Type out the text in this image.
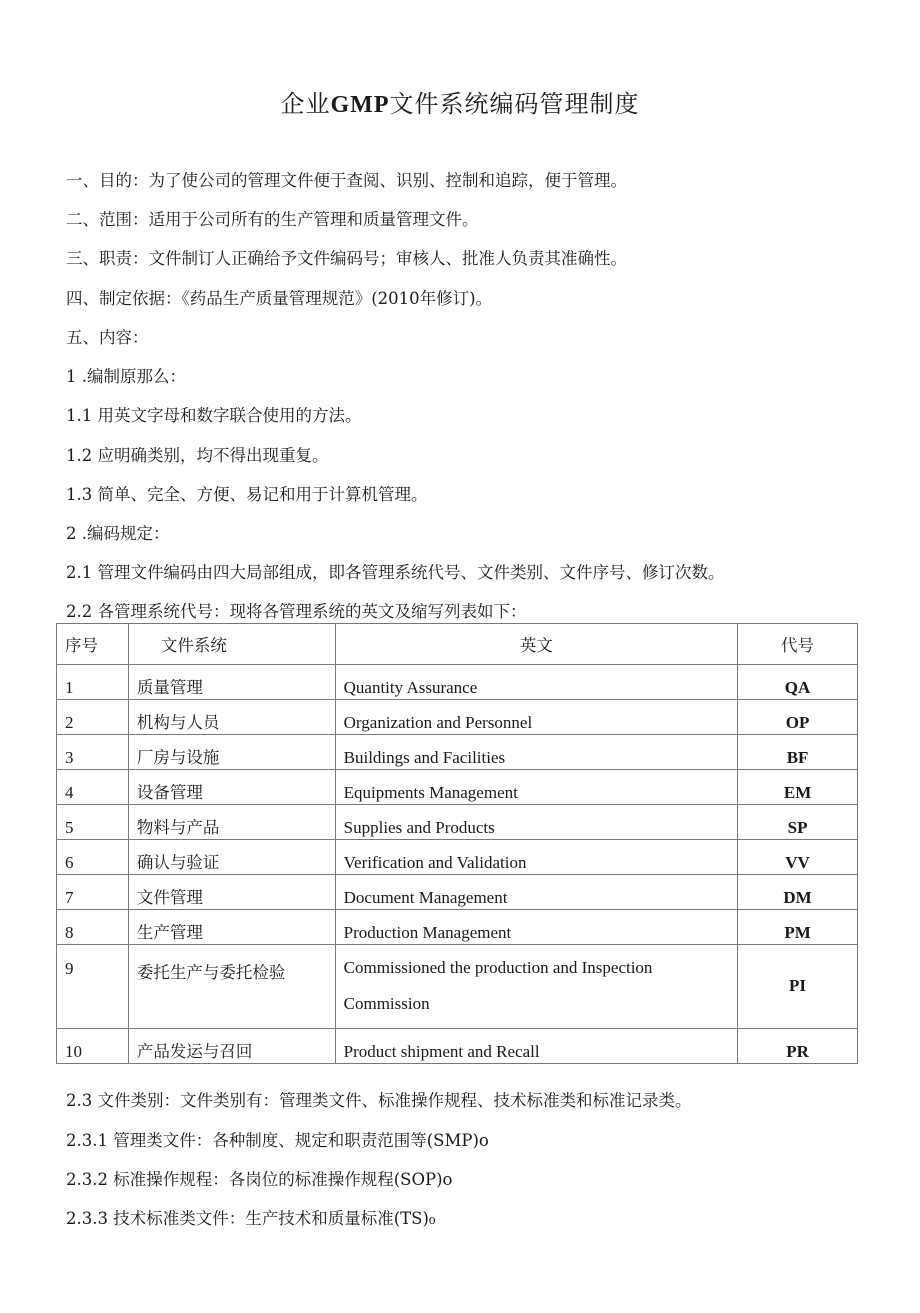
企业GMP文件系统编码管理制度
一、目的：为了使公司的管理文件便于查阅、识别、控制和追踪，便于管理。
二、范围：适用于公司所有的生产管理和质量管理文件。
三、职责：文件制订人正确给予文件编码号；审核人、批准人负责其准确性。
四、制定依据：《药品生产质量管理规范》(2010年修订)。
五、内容：
1 .编制原那么：
1.1 用英文字母和数字联合使用的方法。
1.2 应明确类别，均不得出现重复。
1.3 简单、完全、方便、易记和用于计算机管理。
2 .编码规定：
2.1 管理文件编码由四大局部组成，即各管理系统代号、文件类别、文件序号、修订次数。
2.2 各管理系统代号：现将各管理系统的英文及缩写列表如下：
序号	文件系统	英文	代号
1	质量管理	Quantity Assurance	QA
2	机构与人员	Organization and Personnel	OP
3	厂房与设施	Buildings and Facilities	BF
4	设备管理	Equipments Management	EM
5	物料与产品	Supplies and Products	SP
6	确认与验证	Verification and Validation	VV
7	文件管理	Document Management	DM
8	生产管理	Production Management	PM
9	委托生产与委托检验	Commissioned the production and Inspection
Commission	PI
10	产品发运与召回	Product shipment and Recall	PR
2.3 文件类别：文件类别有：管理类文件、标准操作规程、技术标准类和标准记录类。
2.3.1 管理类文件：各种制度、规定和职责范围等(SMP)o
2.3.2 标准操作规程：各岗位的标准操作规程(SOP)o
2.3.3 技术标准类文件：生产技术和质量标准(TS)₀
